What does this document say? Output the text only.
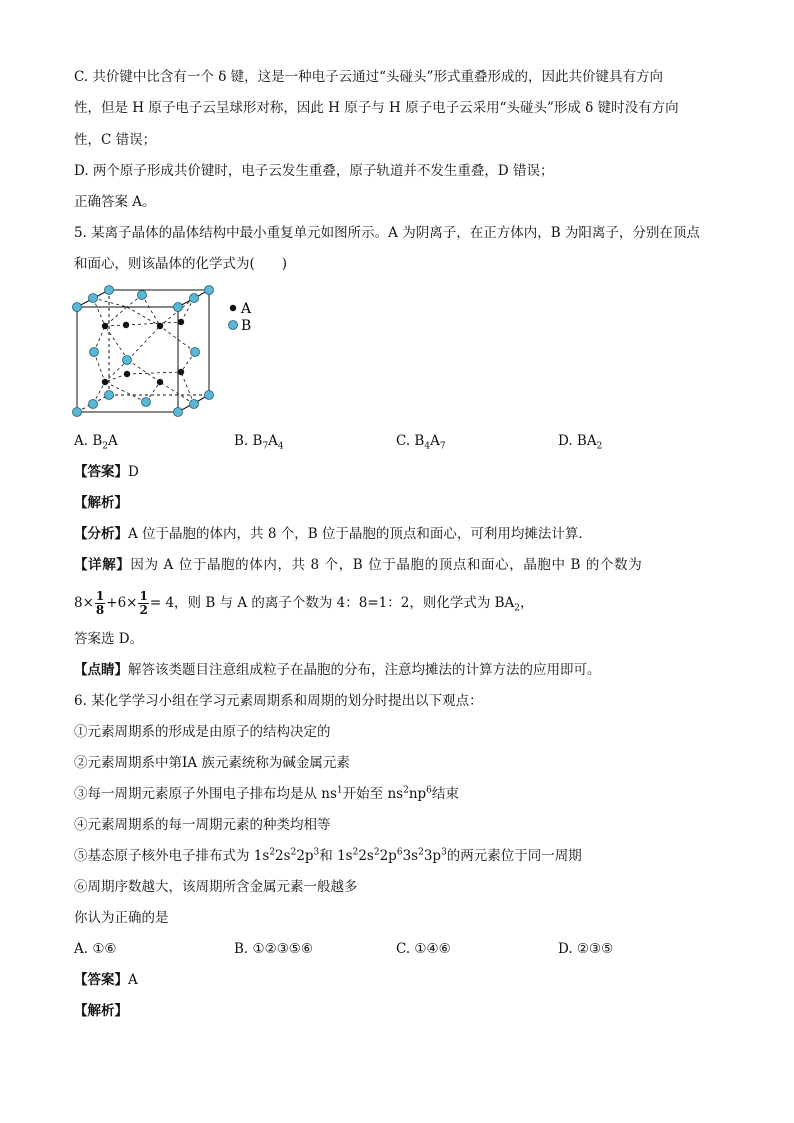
C. 共价键中比含有一个 δ 键，这是一种电子云通过“头碰头”形式重叠形成的，因此共价键具有方向
性，但是 H 原子电子云呈球形对称，因此 H 原子与 H 原子电子云采用“头碰头”形成 δ 键时没有方向
性，C 错误；
D. 两个原子形成共价键时，电子云发生重叠，原子轨道并不发生重叠，D 错误；
正确答案 A。
5. 某离子晶体的晶体结构中最小重复单元如图所示。A 为阴离子，在正方体内，B 为阳离子，分别在顶点
和面心，则该晶体的化学式为(　　)
A
B
A. $B_2A$	B. $B_7A_4$	C. $B_4A_7$	D. $BA_2$
【答案】D
【解析】
【分析】A 位于晶胞的体内，共 8 个，B 位于晶胞的顶点和面心，可利用均摊法计算．
【详解】因为 A 位于晶胞的体内，共 8 个，B 位于晶胞的顶点和面心，晶胞中 B 的个数为
$8\times \frac{1}{8} +6\times \frac{1}{2} = 4$，则 B 与 A 的离子个数为 4：8=1：2，则化学式为 $BA_2$，
答案选 D。
【点睛】解答该类题目注意组成粒子在晶胞的分布，注意均摊法的计算方法的应用即可。
6. 某化学学习小组在学习元素周期系和周期的划分时提出以下观点：
①元素周期系的形成是由原子的结构决定的
②元素周期系中第ⅠA 族元素统称为碱金属元素
③每一周期元素原子外围电子排布均是从 $ns^1$开始至 $ns^2np^6$结束
④元素周期系的每一周期元素的种类均相等
⑤基态原子核外电子排布式为 $1s^22s^22p^3$和 $1s^22s^22p^63s^23p^3$的两元素位于同一周期
⑥周期序数越大，该周期所含金属元素一般越多
你认为正确的是
A. ①⑥	B. ①②③⑤⑥	C. ①④⑥	D. ②③⑤
【答案】A
【解析】
